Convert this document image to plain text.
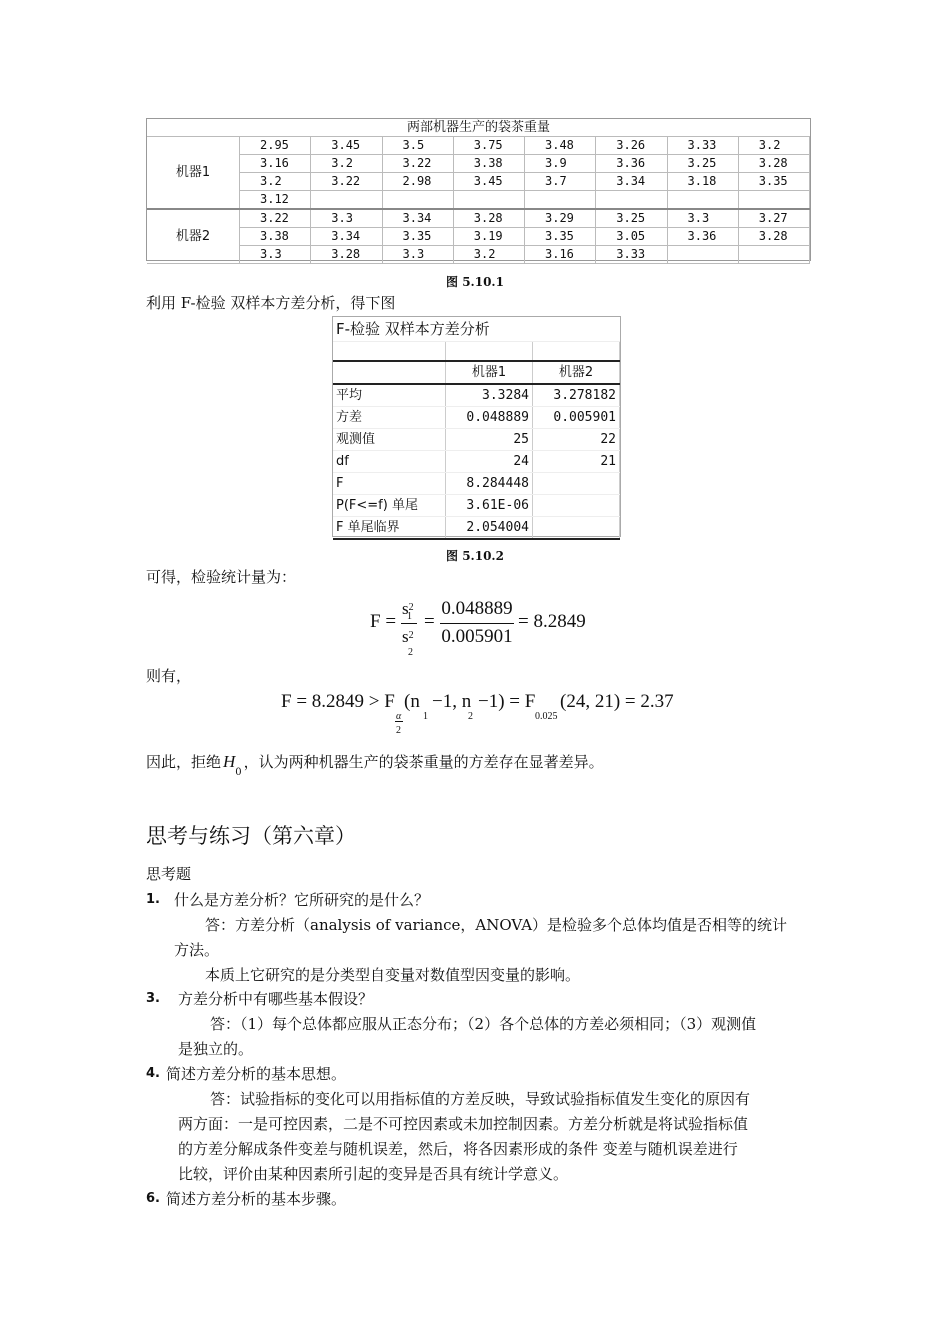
两部机器生产的袋茶重量
机器1	2.95	3.45	3.5	3.75	3.48	3.26	3.33	3.2
	3.16	3.2	3.22	3.38	3.9	3.36	3.25	3.28
	3.2	3.22	2.98	3.45	3.7	3.34	3.18	3.35
	3.12							
机器2	3.22	3.3	3.34	3.28	3.29	3.25	3.3	3.27
	3.38	3.34	3.35	3.19	3.35	3.05	3.36	3.28
	3.3	3.28	3.3	3.2	3.16	3.33		
图 5.10.1
利用 F-检验 双样本方差分析，得下图
F-检验 双样本方差分析		

	机器1	机器2
平均	3.3284	3.278182
方差	0.048889	0.005901
观测值	25	22
df	24	21
F	8.284448	
P(F<=f) 单尾	3.61E-06	
F 单尾临界	2.054004	
图 5.10.2
可得，检验统计量为：
F =
$s^2$
1
$s^2$
2
=
0.048889
0.005901
= 8.2849
则有，
F = 8.2849 > F
α
2
(n
1
−1, n
2
−1) = F
0.025
(24, 21) = 2.37
因此，拒绝 $H_0$，认为两种机器生产的袋茶重量的方差存在显著差异。
思考与练习（第六章）
思考题
1. 什么是方差分析？它所研究的是什么？
答：方差分析（analysis of variance，ANOVA）是检验多个总体均值是否相等的统计
方法。
本质上它研究的是分类型自变量对数值型因变量的影响。
3. 方差分析中有哪些基本假设？
答：（1）每个总体都应服从正态分布；（2）各个总体的方差必须相同；（3）观测值
是独立的。
4. 简述方差分析的基本思想。
答：试验指标的变化可以用指标值的方差反映，导致试验指标值发生变化的原因有
两方面：一是可控因素，二是不可控因素或未加控制因素。方差分析就是将试验指标值
的方差分解成条件变差与随机误差，然后，将各因素形成的条件 变差与随机误差进行
比较，评价由某种因素所引起的变异是否具有统计学意义。
6. 简述方差分析的基本步骤。
